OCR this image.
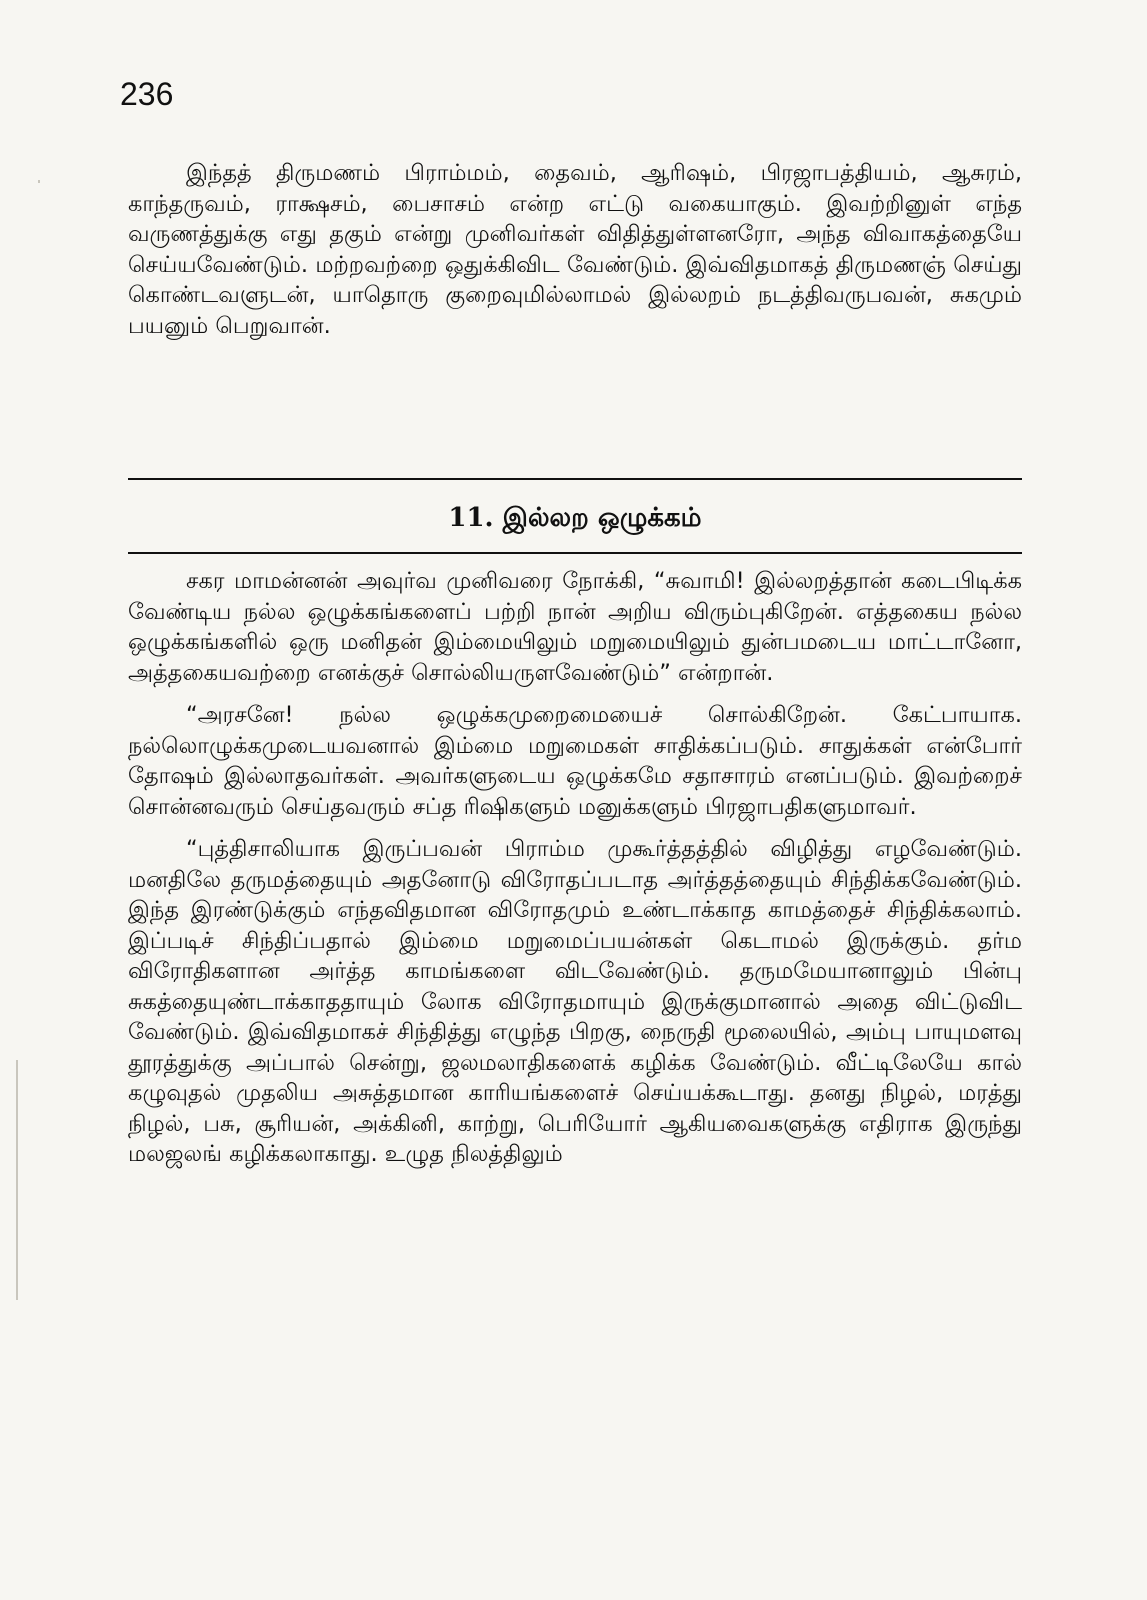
236

இந்தத் திருமணம் பிராம்மம், தைவம், ஆரிஷம், பிரஜாபத்தியம், ஆசுரம், காந்தருவம், ராக்ஷசம், பைசாசம் என்ற எட்டு வகையாகும். இவற்றினுள் எந்த வருணத்துக்கு எது தகும் என்று முனிவர்கள் விதித்துள்ளனரோ, அந்த விவாகத்தையே செய்யவேண்டும். மற்றவற்றை ஒதுக்கிவிட வேண்டும். இவ்விதமாகத் திருமணஞ் செய்து கொண்டவளுடன், யாதொரு குறைவுமில்லாமல் இல்லறம் நடத்திவருபவன், சுகமும் பயனும் பெறுவான்.

11. இல்லற ஒழுக்கம்

சகர மாமன்னன் அவுர்வ முனிவரை நோக்கி, “சுவாமி! இல்லறத்தான் கடைபிடிக்க வேண்டிய நல்ல ஒழுக்கங்களைப் பற்றி நான் அறிய விரும்புகிறேன். எத்தகைய நல்ல ஒழுக்கங்களில் ஒரு மனிதன் இம்மையிலும் மறுமையிலும் துன்பமடைய மாட்டானோ, அத்தகையவற்றை எனக்குச் சொல்லியருளவேண்டும்” என்றான்.

“அரசனே! நல்ல ஒழுக்கமுறைமையைச் சொல்கிறேன். கேட்பாயாக. நல்லொழுக்கமுடையவனால் இம்மை மறுமைகள் சாதிக்கப்படும். சாதுக்கள் என்போர் தோஷம் இல்லாதவர்கள். அவர்களுடைய ஒழுக்கமே சதாசாரம் எனப்படும். இவற்றைச் சொன்னவரும் செய்தவரும் சப்த ரிஷிகளும் மனுக்களும் பிரஜாபதிகளுமாவர்.

“புத்திசாலியாக இருப்பவன் பிராம்ம முகூர்த்தத்தில் விழித்து எழவேண்டும். மனதிலே தருமத்தையும் அதனோடு விரோதப்படாத அர்த்தத்தையும் சிந்திக்கவேண்டும். இந்த இரண்டுக்கும் எந்தவிதமான விரோதமும் உண்டாக்காத காமத்தைச் சிந்திக்கலாம். இப்படிச் சிந்திப்பதால் இம்மை மறுமைப்பயன்கள் கெடாமல் இருக்கும். தர்ம விரோதிகளான அர்த்த காமங்களை விடவேண்டும். தருமமேயானாலும் பின்பு சுகத்தையுண்டாக்காததாயும் லோக விரோதமாயும் இருக்குமானால் அதை விட்டுவிட வேண்டும். இவ்விதமாகச் சிந்தித்து எழுந்த பிறகு, நைருதி மூலையில், அம்பு பாயுமளவு தூரத்துக்கு அப்பால் சென்று, ஜலமலாதிகளைக் கழிக்க வேண்டும். வீட்டிலேயே கால் கழுவுதல் முதலிய அசுத்தமான காரியங்களைச் செய்யக்கூடாது. தனது நிழல், மரத்து நிழல், பசு, சூரியன், அக்கினி, காற்று, பெரியோர் ஆகியவைகளுக்கு எதிராக இருந்து மலஜலங் கழிக்கலாகாது. உழுத நிலத்திலும்
